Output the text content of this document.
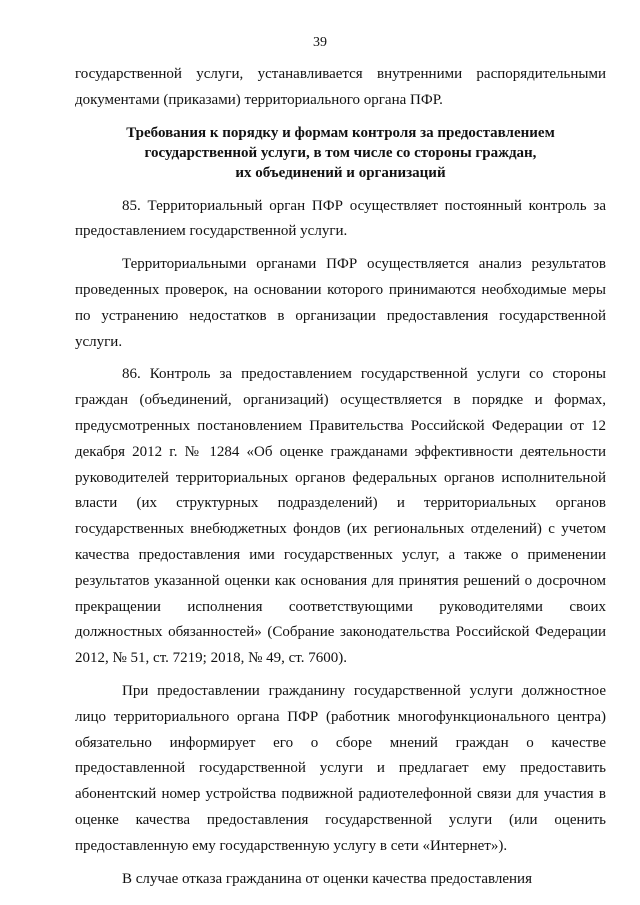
39

государственной услуги, устанавливается внутренними распорядительными документами (приказами) территориального органа ПФР.

Требования к порядку и формам контроля за предоставлением
государственной услуги, в том числе со стороны граждан,
их объединений и организаций

85. Территориальный орган ПФР осуществляет постоянный контроль за предоставлением государственной услуги.

Территориальными органами ПФР осуществляется анализ результатов проведенных проверок, на основании которого принимаются необходимые меры по устранению недостатков в организации предоставления государственной услуги.

86. Контроль за предоставлением государственной услуги со стороны граждан (объединений, организаций) осуществляется в порядке и формах, предусмотренных постановлением Правительства Российской Федерации от 12 декабря 2012 г. № 1284 «Об оценке гражданами эффективности деятельности руководителей территориальных органов федеральных органов исполнительной власти (их структурных подразделений) и территориальных органов государственных внебюджетных фондов (их региональных отделений) с учетом качества предоставления ими государственных услуг, а также о применении результатов указанной оценки как основания для принятия решений о досрочном прекращении исполнения соответствующими руководителями своих должностных обязанностей» (Собрание законодательства Российской Федерации 2012, № 51, ст. 7219; 2018, № 49, ст. 7600).

При предоставлении гражданину государственной услуги должностное лицо территориального органа ПФР (работник многофункционального центра) обязательно информирует его о сборе мнений граждан о качестве предоставленной государственной услуги и предлагает ему предоставить абонентский номер устройства подвижной радиотелефонной связи для участия в оценке качества предоставления государственной услуги (или оценить предоставленную ему государственную услугу в сети «Интернет»).

В случае отказа гражданина от оценки качества предоставления
